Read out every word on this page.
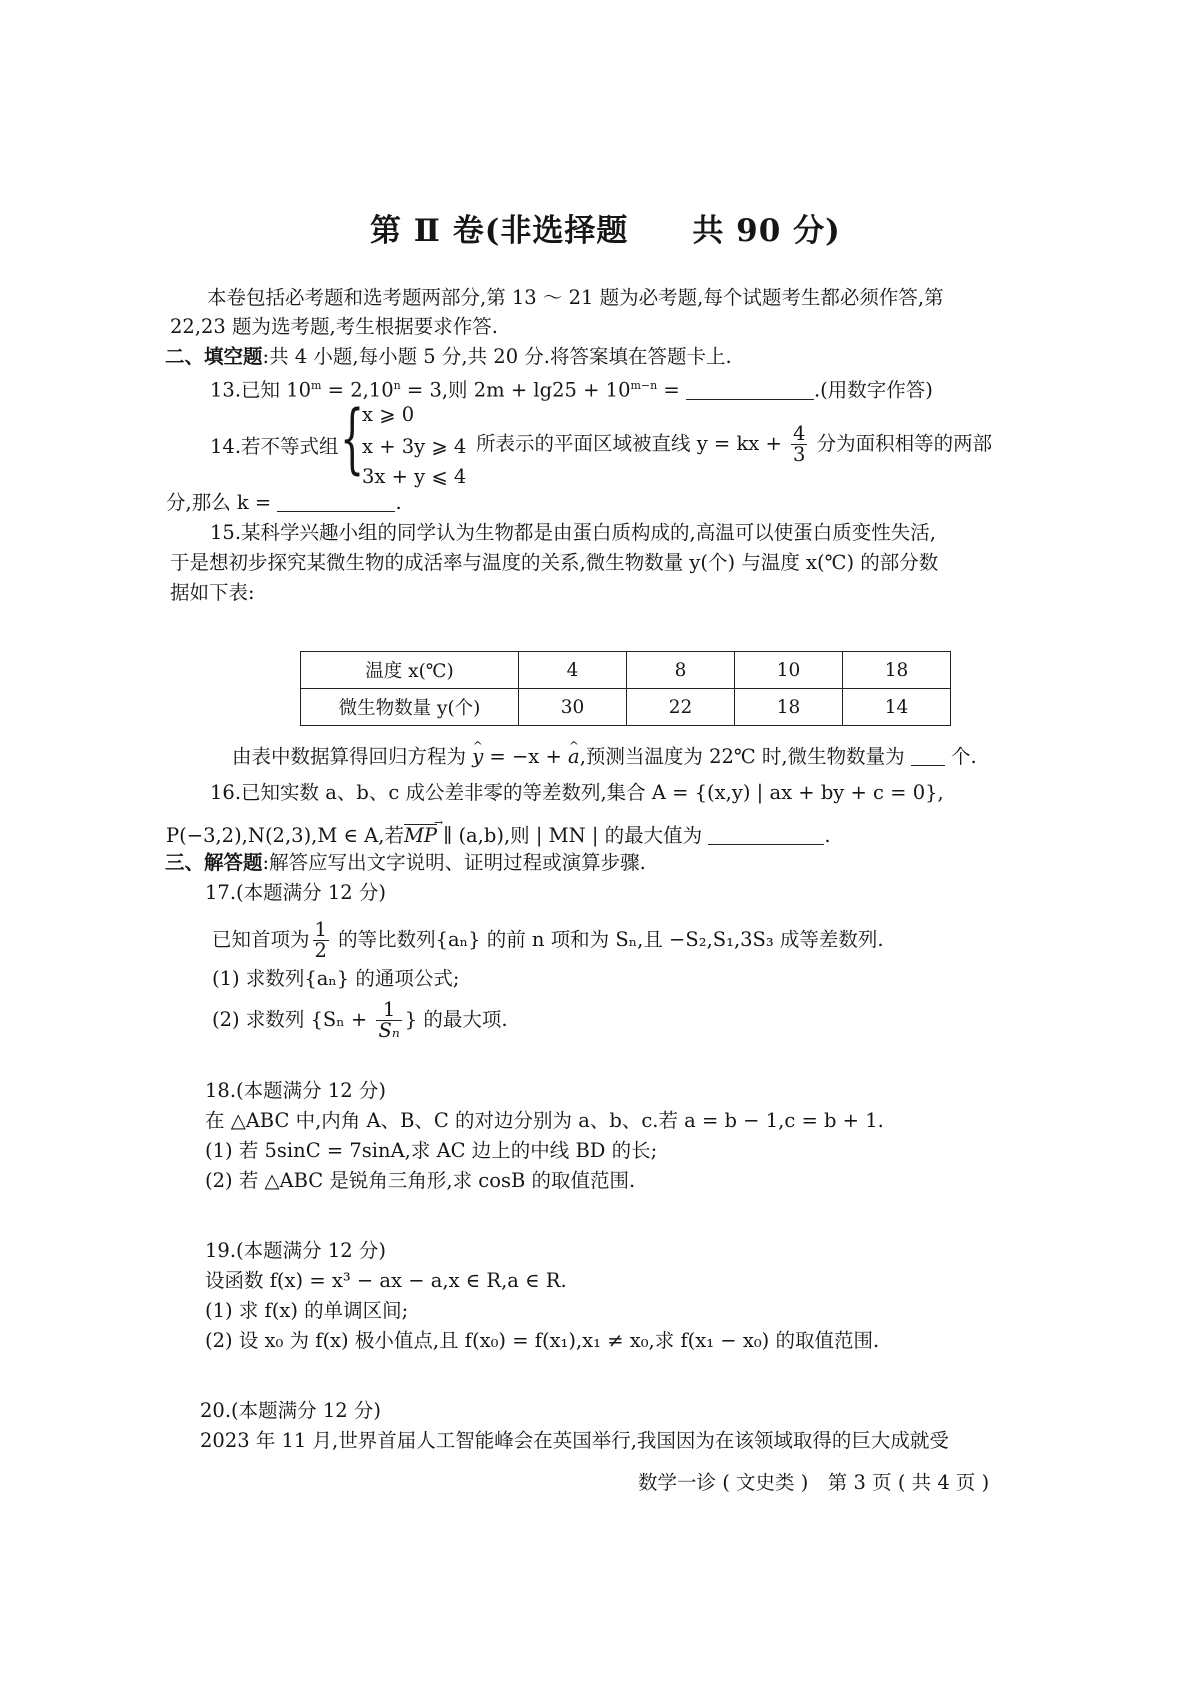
第 Ⅱ 卷(非选择题　　共 90 分)
本卷包括必考题和选考题两部分,第 13 ～ 21 题为必考题,每个试题考生都必须作答,第
22,23 题为选考题,考生根据要求作答.
二、填空题:共 4 小题,每小题 5 分,共 20 分.将答案填在答题卡上.
13.已知 $10^m = 2,10^n = 3$,则 $2m + \lg 25 + 10^{m-n}$ =	.(用数字作答)
14.若不等式组 {
x ⩾ 0
x + 3y ⩾ 4
3x + y ⩽ 4
所表示的平面区域被直线 y = kx + $\frac{4}{3}$ 分为面积相等的两部
分,那么 k =	.
15.某科学兴趣小组的同学认为生物都是由蛋白质构成的,高温可以使蛋白质变性失活,
于是想初步探究某微生物的成活率与温度的关系,微生物数量 y(个) 与温度 x(℃) 的部分数
据如下表:
温度 x(℃)	4	8	10	18
微生物数量 y(个)	30	22	18	14
由表中数据算得回归方程为 ^ y = −x + ^ a,预测当温度为 22℃ 时,微生物数量为  个.
16.已知实数 a、b、c 成公差非零的等差数列,集合 A = {(x,y) | ax + by + c = 0},
P(−3,2),N(2,3),M ∈ A,若MP → ∥ (a,b),则 | MN | 的最大值为	.
三、解答题:解答应写出文字说明、证明过程或演算步骤.
17.(本题满分 12 分)
已知首项为 $\frac{1}{2}$ 的等比数列{aₙ} 的前 n 项和为 Sₙ,且 −S₂,S₁,3S₃ 成等差数列.
(1) 求数列{aₙ} 的通项公式;
(2) 求数列 {$S_n + \frac{1}{\text{Sₙ}}$ } 的最大项.
18.(本题满分 12 分)
在 △ABC 中,内角 A、B、C 的对边分别为 a、b、c.若 a = b − 1,c = b + 1.
(1) 若 5sinC = 7sinA,求 AC 边上的中线 BD 的长;
(2) 若 △ABC 是锐角三角形,求 cosB 的取值范围.
19.(本题满分 12 分)
设函数 f(x) = x³ − ax − a,x ∈ R,a ∈ R.
(1) 求 f(x) 的单调区间;
(2) 设 x₀ 为 f(x) 极小值点,且 f(x₀) = f(x₁),x₁ ≠ x₀,求 f(x₁ − x₀) 的取值范围.
20.(本题满分 12 分)
2023 年 11 月,世界首届人工智能峰会在英国举行,我国因为在该领域取得的巨大成就受
数学一诊 ( 文史类 )　第 3 页 ( 共 4 页 )
